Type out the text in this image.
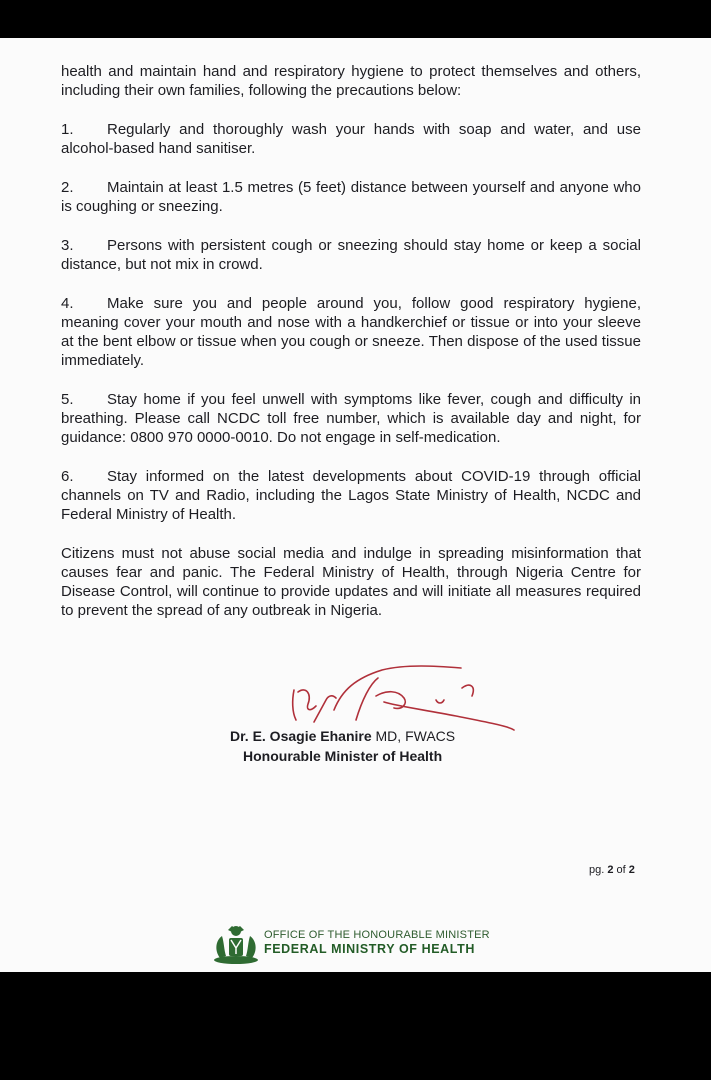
health and maintain hand and respiratory hygiene to protect themselves and others, including their own families, following the precautions below:

1. Regularly and thoroughly wash your hands with soap and water, and use alcohol-based hand sanitiser.

2. Maintain at least 1.5 metres (5 feet) distance between yourself and anyone who is coughing or sneezing.

3. Persons with persistent cough or sneezing should stay home or keep a social distance, but not mix in crowd.

4. Make sure you and people around you, follow good respiratory hygiene, meaning cover your mouth and nose with a handkerchief or tissue or into your sleeve at the bent elbow or tissue when you cough or sneeze. Then dispose of the used tissue immediately.

5. Stay home if you feel unwell with symptoms like fever, cough and difficulty in breathing. Please call NCDC toll free number, which is available day and night, for guidance: 0800 970 0000-0010. Do not engage in self-medication.

6. Stay informed on the latest developments about COVID-19 through official channels on TV and Radio, including the Lagos State Ministry of Health, NCDC and Federal Ministry of Health.

Citizens must not abuse social media and indulge in spreading misinformation that causes fear and panic. The Federal Ministry of Health, through Nigeria Centre for Disease Control, will continue to provide updates and will initiate all measures required to prevent the spread of any outbreak in Nigeria.

Dr. E. Osagie Ehanire MD, FWACS
Honourable Minister of Health
pg. 2 of 2
OFFICE OF THE HONOURABLE MINISTER
FEDERAL MINISTRY OF HEALTH
